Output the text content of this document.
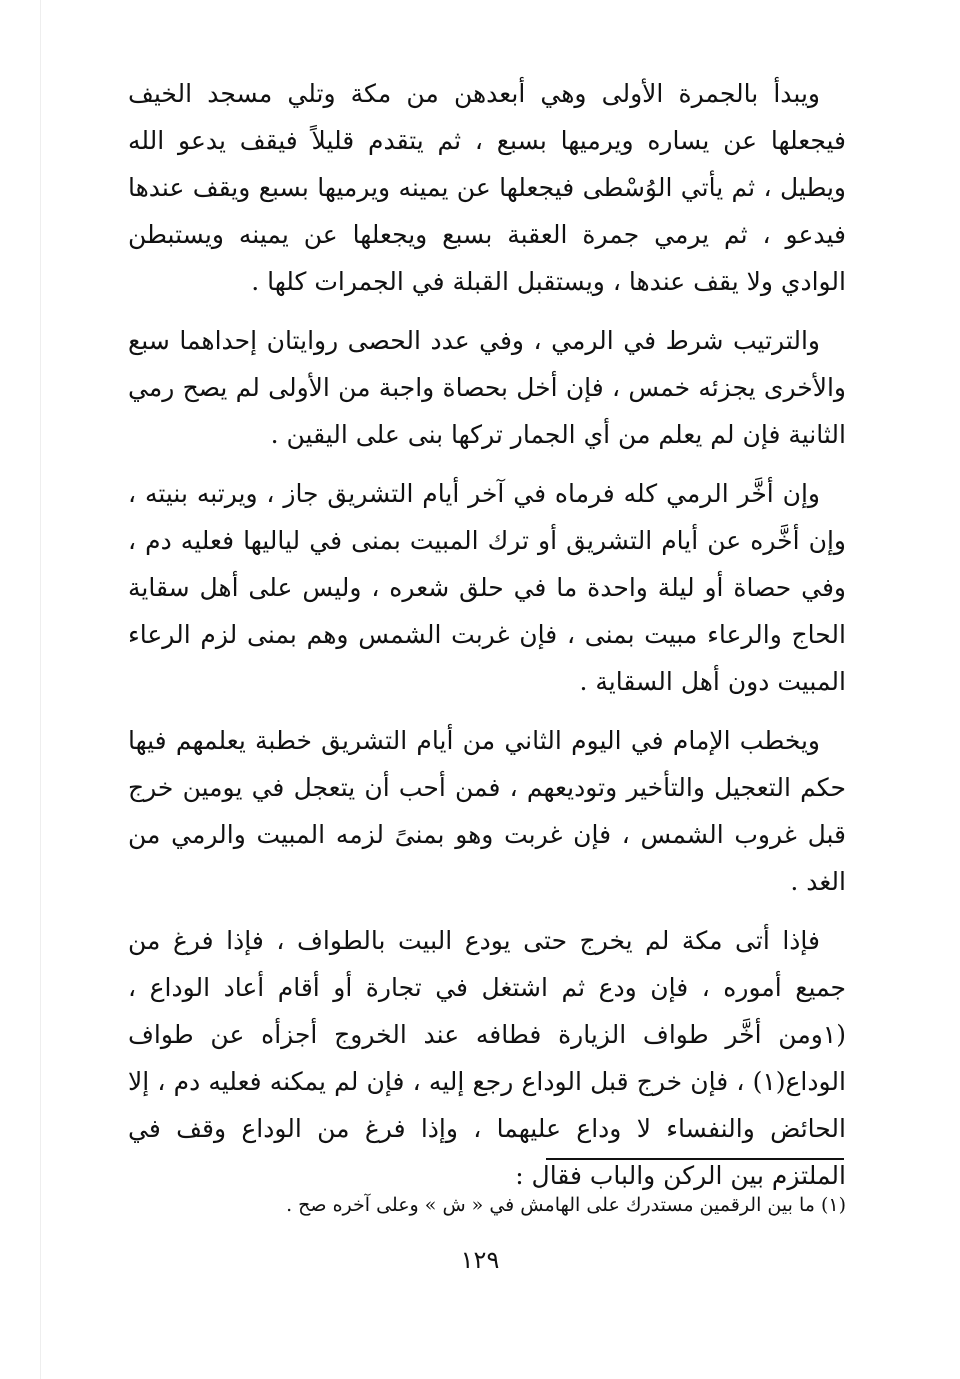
ويبدأ بالجمرة الأولى وهي أبعدهن من مكة وتلي مسجد الخيف فيجعلها عن يساره ويرميها بسبع ، ثم يتقدم قليلاً فيقف يدعو الله ويطيل ، ثم يأتي الوُسْطى فيجعلها عن يمينه ويرميها بسبع ويقف عندها فيدعو ، ثم يرمي جمرة العقبة بسبع ويجعلها عن يمينه ويستبطن الوادي ولا يقف عندها ، ويستقبل القبلة في الجمرات كلها .

والترتيب شرط في الرمي ، وفي عدد الحصى روايتان إحداهما سبع والأخرى يجزئه خمس ، فإن أخل بحصاة واجبة من الأولى لم يصح رمي الثانية فإن لم يعلم من أي الجمار تركها بنى على اليقين .

وإن أخَّر الرمي كله فرماه في آخر أيام التشريق جاز ، ويرتبه بنيته ، وإن أخَّره عن أيام التشريق أو ترك المبيت بمنى في لياليها فعليه دم ، وفي حصاة أو ليلة واحدة ما في حلق شعره ، وليس على أهل سقاية الحاج والرعاء مبيت بمنى ، فإن غربت الشمس وهم بمنى لزم الرعاء المبيت دون أهل السقاية .

ويخطب الإمام في اليوم الثاني من أيام التشريق خطبة يعلمهم فيها حكم التعجيل والتأخير وتوديعهم ، فمن أحب أن يتعجل في يومين خرج قبل غروب الشمس ، فإن غربت وهو بمنىً لزمه المبيت والرمي من الغد .

فإذا أتى مكة لم يخرج حتى يودع البيت بالطواف ، فإذا فرغ من جميع أموره ، فإن ودع ثم اشتغل في تجارة أو أقام أعاد الوداع ، (١ومن أخَّر طواف الزيارة فطافه عند الخروج أجزأه عن طواف الوداع(١) ، فإن خرج قبل الوداع رجع إليه ، فإن لم يمكنه فعليه دم ، إلا الحائض والنفساء لا وداع عليهما ، وإذا فرغ من الوداع وقف في الملتزم بين الركن والباب فقال :

(١) ما بين الرقمين مستدرك على الهامش في « ش » وعلى آخره صح .
١٢٩
